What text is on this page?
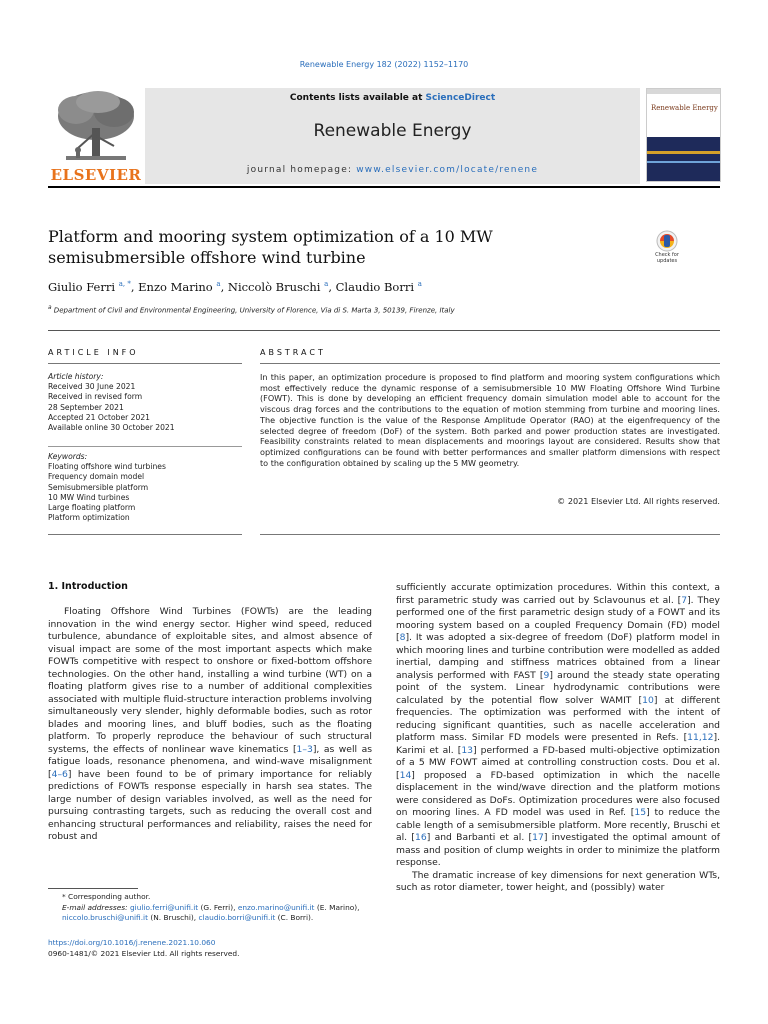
Renewable Energy 182 (2022) 1152–1170
ELSEVIER
Contents lists available at ScienceDirect
Renewable Energy
journal homepage: www.elsevier.com/locate/renene
Renewable Energy
Platform and mooring system optimization of a 10 MW
semisubmersible offshore wind turbine	Check for
updates
Giulio Ferri $^{a, *}$, Enzo Marino $^a$, Niccolò Bruschi $^a$, Claudio Borri $^a$
$^a$ Department of Civil and Environmental Engineering, University of Florence, Via di S. Marta 3, 50139, Firenze, Italy
ARTICLE INFO
Article history:
Received 30 June 2021
Received in revised form
28 September 2021
Accepted 21 October 2021
Available online 30 October 2021
Keywords:
Floating offshore wind turbines
Frequency domain model
Semisubmersible platform
10 MW Wind turbines
Large floating platform
Platform optimization
ABSTRACT
In this paper, an optimization procedure is proposed to find platform and mooring system configurations which most effectively reduce the dynamic response of a semisubmersible 10 MW Floating Offshore Wind Turbine (FOWT). This is done by developing an efficient frequency domain simulation model able to account for the viscous drag forces and the contributions to the equation of motion stemming from turbine and mooring lines. The objective function is the value of the Response Amplitude Operator (RAO) at the eigenfrequency of the selected degree of freedom (DoF) of the system. Both parked and power production states are investigated. Feasibility constraints related to mean displacements and moorings layout are considered. Results show that optimized configurations can be found with better performances and smaller platform dimensions with respect to the configuration obtained by scaling up the 5 MW geometry.
© 2021 Elsevier Ltd. All rights reserved.
1. Introduction

Floating Offshore Wind Turbines (FOWTs) are the leading innovation in the wind energy sector. Higher wind speed, reduced turbulence, abundance of exploitable sites, and almost absence of visual impact are some of the most important aspects which make FOWTs competitive with respect to onshore or fixed-bottom offshore technologies. On the other hand, installing a wind turbine (WT) on a floating platform gives rise to a number of additional complexities associated with multiple fluid-structure interaction problems involving simultaneously very slender, highly deformable bodies, such as rotor blades and mooring lines, and bluff bodies, such as the floating platform. To properly reproduce the behaviour of such structural systems, the effects of nonlinear wave kinematics [1–3], as well as fatigue loads, resonance phenomena, and wind-wave misalignment [4–6] have been found to be of primary importance for reliably predictions of FOWTs response especially in harsh sea states. The large number of design variables involved, as well as the need for pursuing contrasting targets, such as reducing the overall cost and enhancing structural performances and reliability, raises the need for robust and

sufficiently accurate optimization procedures. Within this context, a first parametric study was carried out by Sclavounus et al. [7]. They performed one of the first parametric design study of a FOWT and its mooring system based on a coupled Frequency Domain (FD) model [8]. It was adopted a six-degree of freedom (DoF) platform model in which mooring lines and turbine contribution were modelled as added inertial, damping and stiffness matrices obtained from a linear analysis performed with FAST [9] around the steady state operating point of the system. Linear hydrodynamic contributions were calculated by the potential flow solver WAMIT [10] at different frequencies. The optimization was performed with the intent of reducing significant quantities, such as nacelle acceleration and platform mass. Similar FD models were presented in Refs. [11,12]. Karimi et al. [13] performed a FD-based multi-objective optimization of a 5 MW FOWT aimed at controlling construction costs. Dou et al. [14] proposed a FD-based optimization in which the nacelle displacement in the wind/wave direction and the platform motions were considered as DoFs. Optimization procedures were also focused on mooring lines. A FD model was used in Ref. [15] to reduce the cable length of a semisubmersible platform. More recently, Bruschi et al. [16] and Barbanti et al. [17] investigated the optimal amount of mass and position of clump weights in order to minimize the platform response.

The dramatic increase of key dimensions for next generation WTs, such as rotor diameter, tower height, and (possibly) water

* Corresponding author.
E-mail addresses: giulio.ferri@unifi.it (G. Ferri), enzo.marino@unifi.it (E. Marino), niccolo.bruschi@unifi.it (N. Bruschi), claudio.borri@unifi.it (C. Borri).
https://doi.org/10.1016/j.renene.2021.10.060
0960-1481/© 2021 Elsevier Ltd. All rights reserved.
